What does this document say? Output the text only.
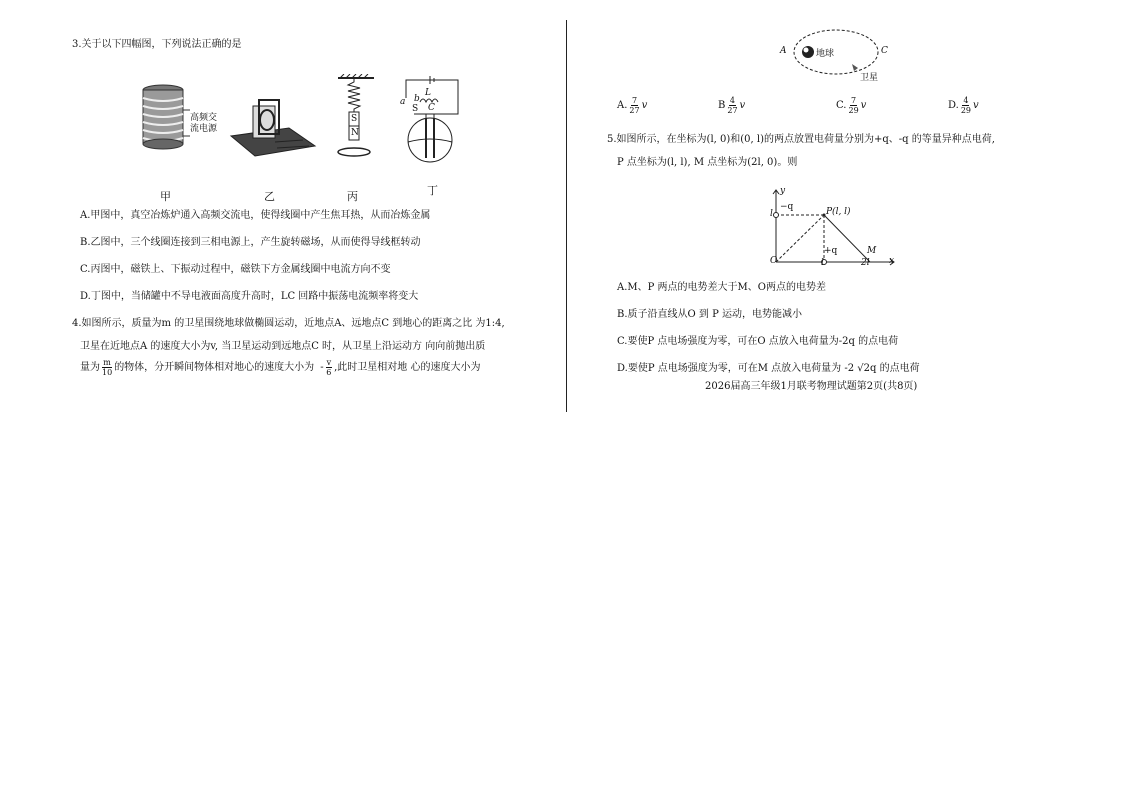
3.关于以下四幅图，下列说法正确的是
高频交
流电源
S
N
a b
L
S C
甲	乙	丙	丁
A.甲图中，真空冶炼炉通入高频交流电，使得线圈中产生焦耳热，从而冶炼金属
B.乙图中，三个线圈连接到三相电源上，产生旋转磁场，从而使得导线框转动
C.丙图中，磁铁上、下振动过程中，磁铁下方金属线圈中电流方向不变
D.丁图中，当储罐中不导电液面高度升高时，LC 回路中振荡电流频率将变大
4.如图所示，质量为m 的卫星围绕地球做椭圆运动，近地点A、远地点C 到地心的距离之比 为1:4,
卫星在近地点A 的速度大小为v, 当卫星运动到远地点C 时，从卫星上沿运动方 向向前抛出质
量为 $\frac{m}{10}$ 的物体，分开瞬间物体相对地心的速度大小为 - $\frac{v}{6}$ ,此时卫星相对地 心的速度大小为
A	地球	C
卫星
A. $\frac{7}{27}$ v	B $\frac{4}{27}$ v	C. $\frac{7}{29}$ v	D. $\frac{4}{29}$ v
5.如图所示，在坐标为(l, 0)和(0, l)的两点放置电荷量分别为+q、-q 的等量异种点电荷,
P 点坐标为(l, l), M 点坐标为(2l, 0)。则
y
x
O
l
−q	P(l, l)
+q
l	2l
M
A.M、P 两点的电势差大于M、O两点的电势差
B.质子沿直线从O 到 P 运动，电势能减小
C.要使P 点电场强度为零，可在O 点放入电荷量为-2q 的点电荷
D.要使P 点电场强度为零，可在M 点放入电荷量为 -2 √2q 的点电荷
2026届高三年级1月联考物理试题第2页(共8页)
